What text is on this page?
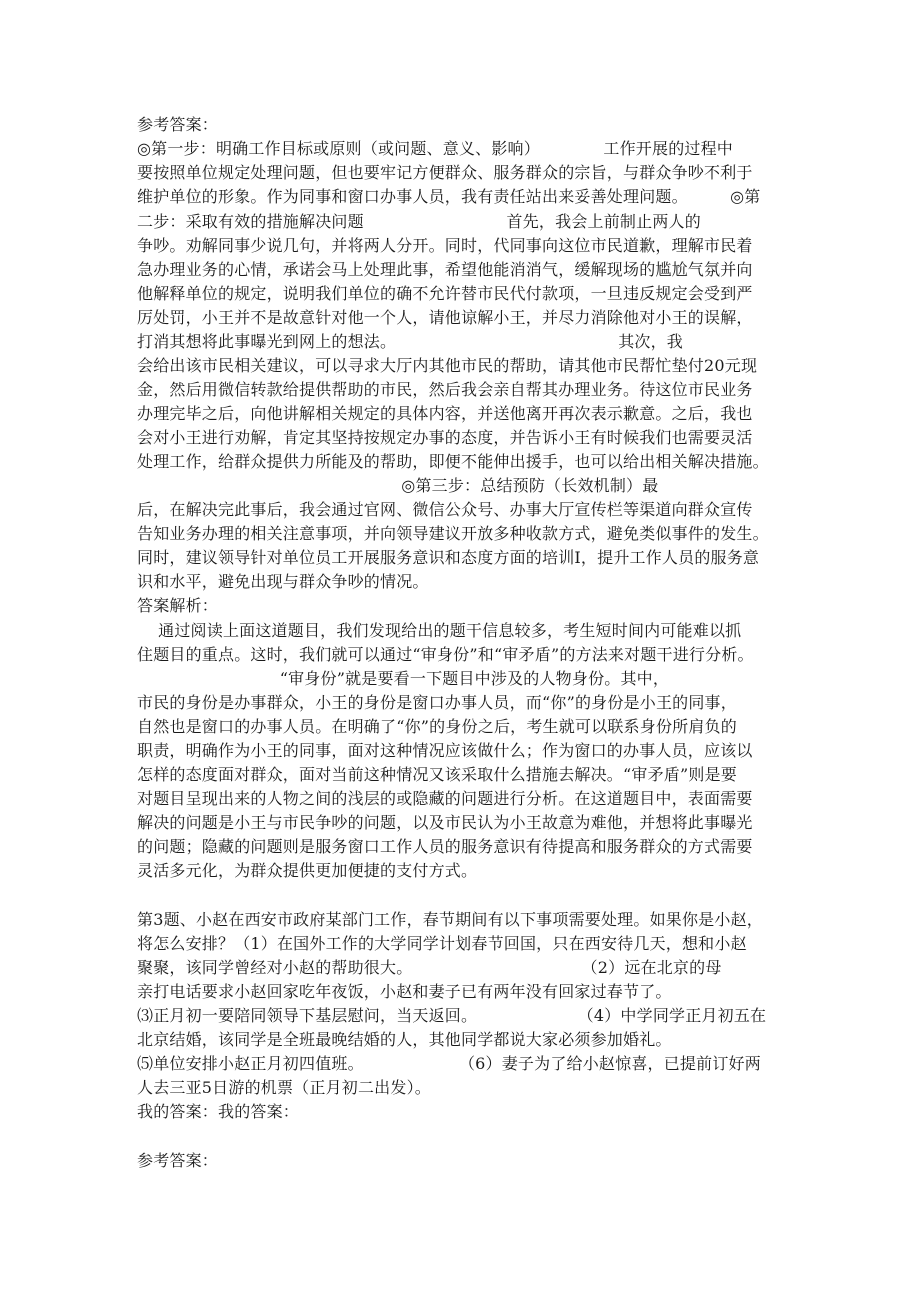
参考答案：
◎第一步：明确工作目标或原则（或问题、意义、影响）            工作开展的过程中
要按照单位规定处理问题，但也要牢记方便群众、服务群众的宗旨，与群众争吵不利于
维护单位的形象。作为同事和窗口办事人员，我有责任站出来妥善处理问题。        ◎第
二步：采取有效的措施解决问题                           首先，我会上前制止两人的
争吵。劝解同事少说几句，并将两人分开。同时，代同事向这位市民道歉，理解市民着
急办理业务的心情，承诺会马上处理此事，希望他能消消气，缓解现场的尴尬气氛并向
他解释单位的规定，说明我们单位的确不允许替市民代付款项，一旦违反规定会受到严
厉处罚，小王并不是故意针对他一个人，请他谅解小王，并尽力消除他对小王的误解，
打消其想将此事曝光到网上的想法。                                          其次，我
会给出该市民相关建议，可以寻求大厅内其他市民的帮助，请其他市民帮忙垫付20元现
金，然后用微信转款给提供帮助的市民，然后我会亲自帮其办理业务。待这位市民业务
办理完毕之后，向他讲解相关规定的具体内容，并送他离开再次表示歉意。之后，我也
会对小王进行劝解，肯定其坚持按规定办事的态度，并告诉小王有时候我们也需要灵活
处理工作，给群众提供力所能及的帮助，即便不能伸出援手，也可以给出相关解决措施。
◎第三步：总结预防（长效机制）最
后，在解决完此事后，我会通过官网、微信公众号、办事大厅宣传栏等渠道向群众宣传
告知业务办理的相关注意事项，并向领导建议开放多种收款方式，避免类似事件的发生。
同时，建议领导针对单位员工开展服务意识和态度方面的培训I，提升工作人员的服务意
识和水平，避免出现与群众争吵的情况。
答案解析：
通过阅读上面这道题目，我们发现给出的题干信息较多，考生短时间内可能难以抓
住题目的重点。这时，我们就可以通过“审身份”和“审矛盾”的方法来对题干进行分析。
“审身份”就是要看一下题目中涉及的人物身份。其中，
市民的身份是办事群众，小王的身份是窗口办事人员，而“你”的身份是小王的同事，
自然也是窗口的办事人员。在明确了“你”的身份之后，考生就可以联系身份所肩负的
职责，明确作为小王的同事，面对这种情况应该做什么；作为窗口的办事人员，应该以
怎样的态度面对群众，面对当前这种情况又该采取什么措施去解决。“审矛盾”则是要
对题目呈现出来的人物之间的浅层的或隐藏的问题进行分析。在这道题目中，表面需要
解决的问题是小王与市民争吵的问题，以及市民认为小王故意为难他，并想将此事曝光
的问题；隐藏的问题则是服务窗口工作人员的服务意识有待提高和服务群众的方式需要
灵活多元化，为群众提供更加便捷的支付方式。
第3题、小赵在西安市政府某部门工作，春节期间有以下事项需要处理。如果你是小赵，
将怎么安排？（1）在国外工作的大学同学计划春节回国，只在西安待几天，想和小赵
聚聚，该同学曾经对小赵的帮助很大。                                （2）远在北京的母
亲打电话要求小赵回家吃年夜饭，小赵和妻子已有两年没有回家过春节了。
⑶正月初一要陪同领导下基层慰问，当天返回。                   （4）中学同学正月初五在
北京结婚，该同学是全班最晚结婚的人，其他同学都说大家必须参加婚礼。
⑸单位安排小赵正月初四值班。                  （6）妻子为了给小赵惊喜，已提前订好两
人去三亚5日游的机票（正月初二出发）。
我的答案：我的答案：
参考答案：
